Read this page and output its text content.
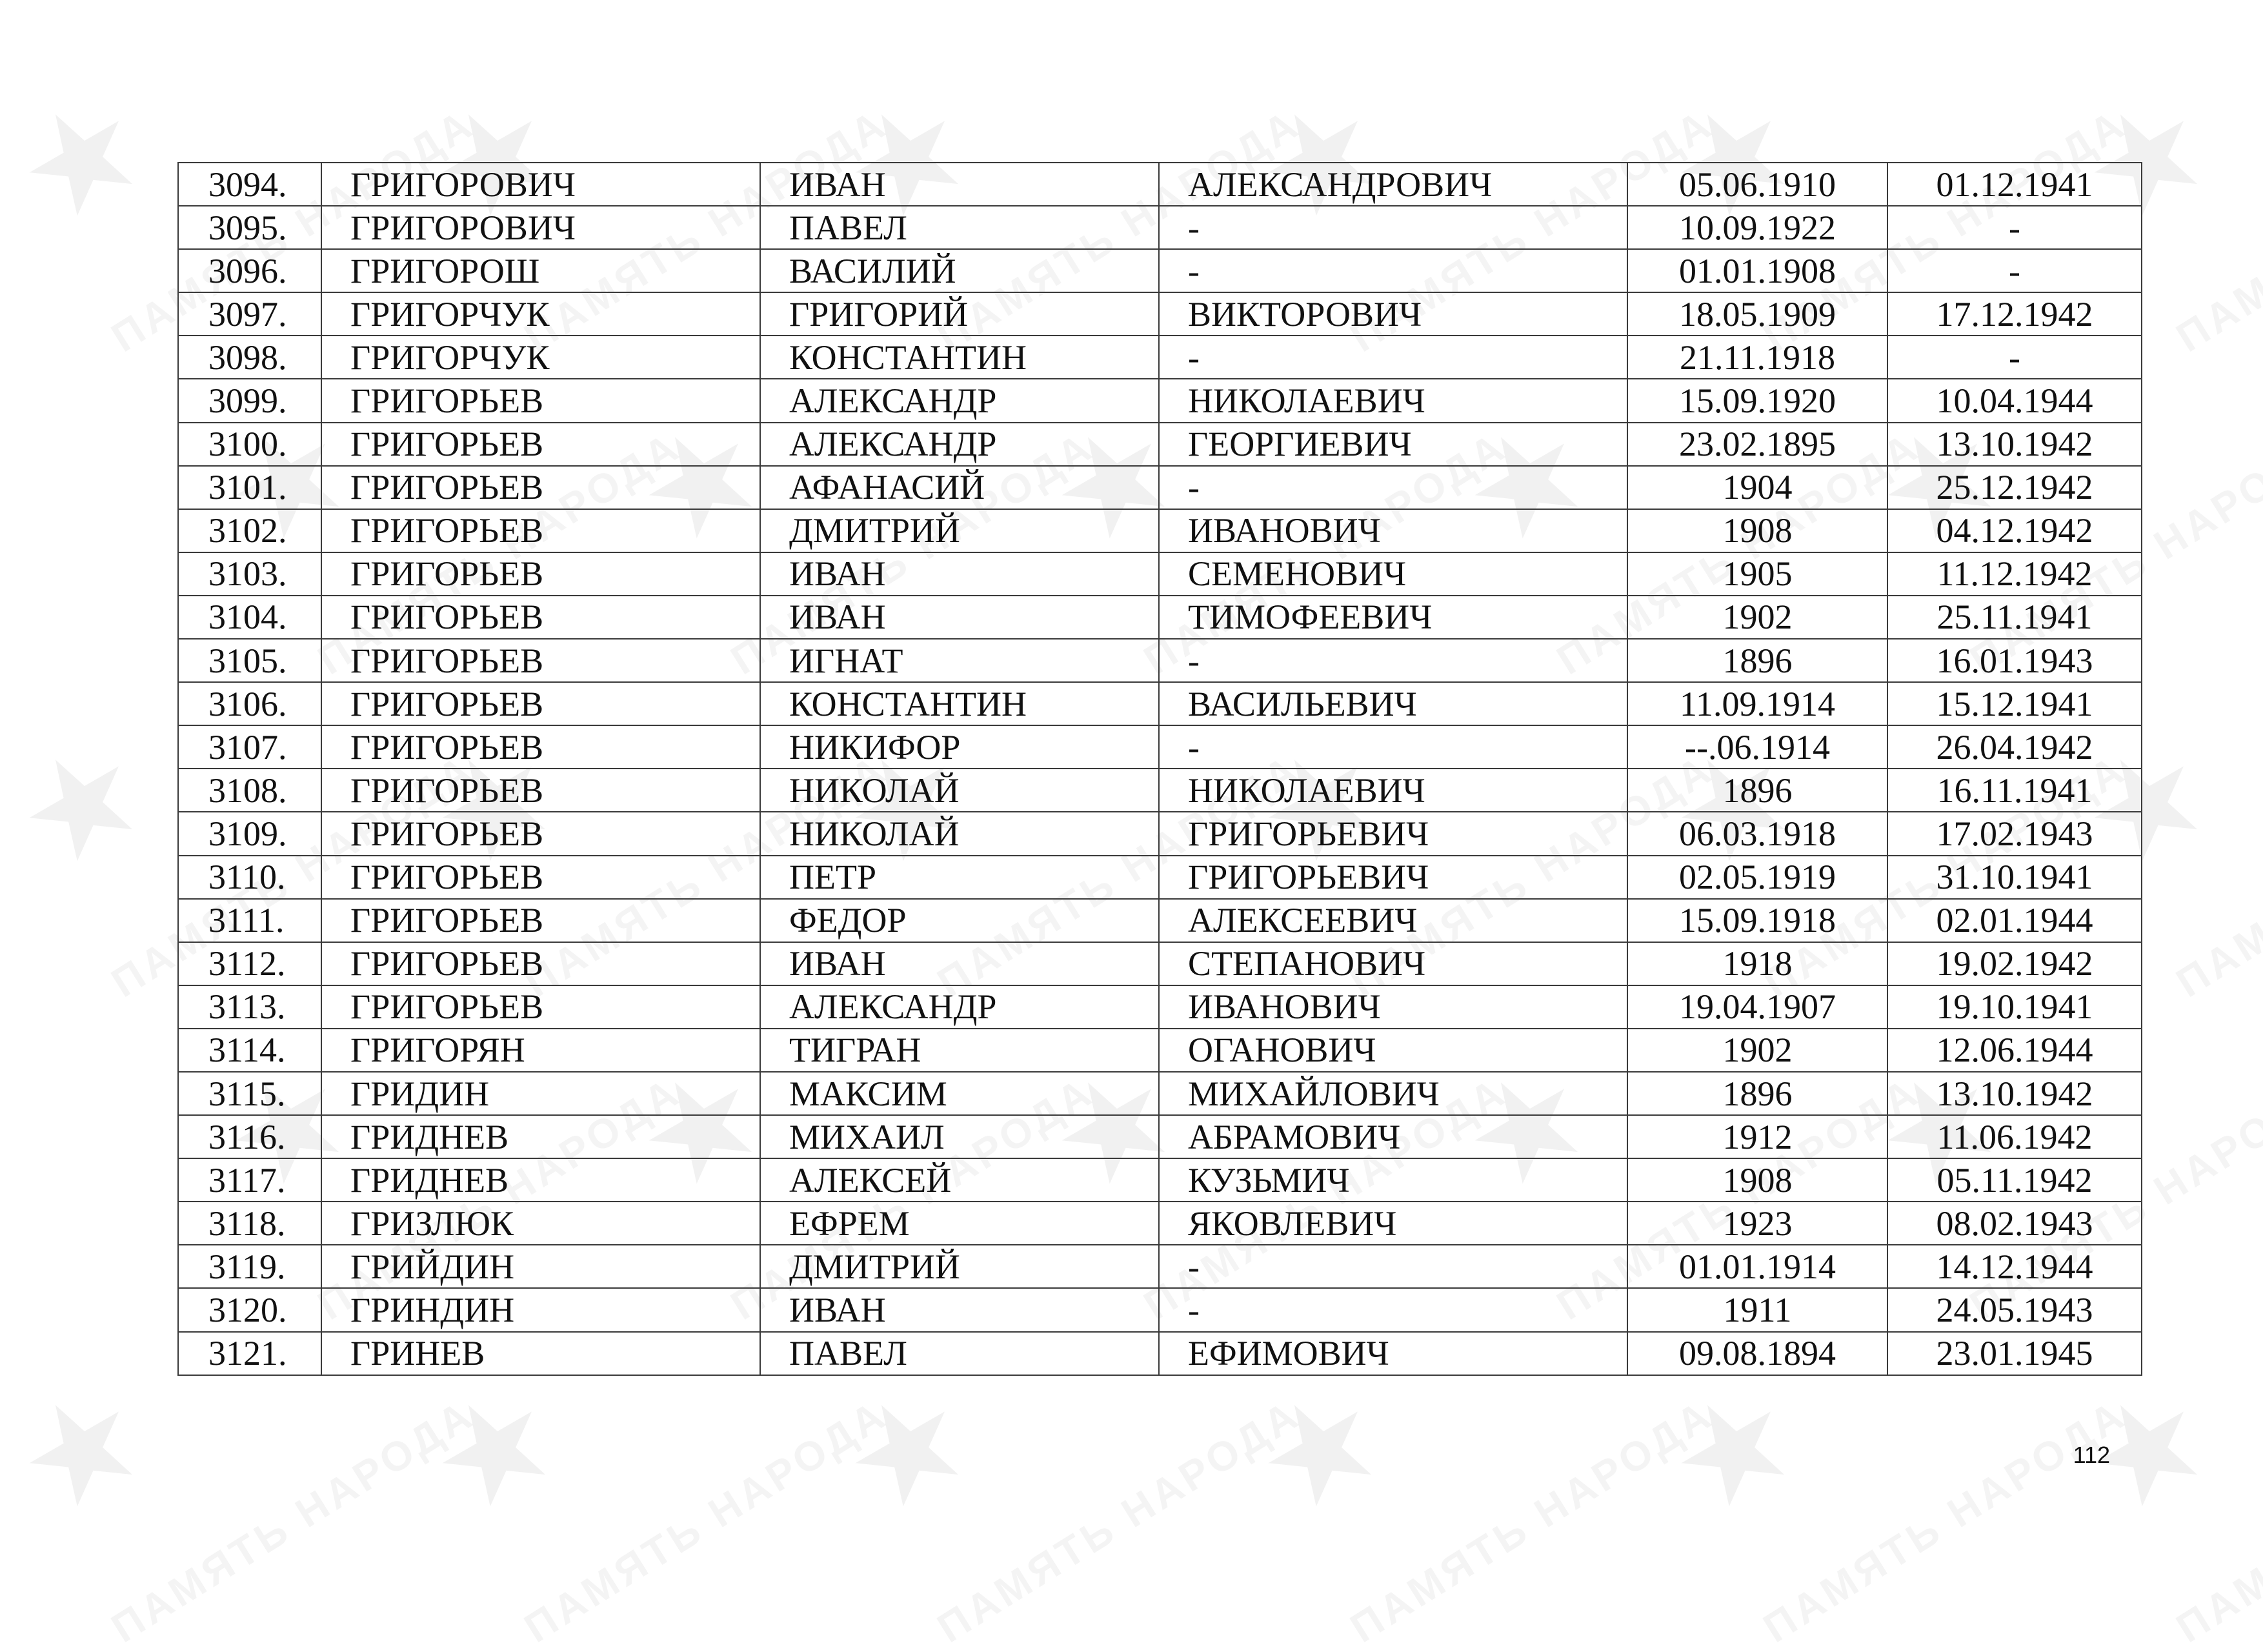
3094.	ГРИГОРОВИЧ	ИВАН	АЛЕКСАНДРОВИЧ	05.06.1910	01.12.1941
3095.	ГРИГОРОВИЧ	ПАВЕЛ	-	10.09.1922	-
3096.	ГРИГОРОШ	ВАСИЛИЙ	-	01.01.1908	-
3097.	ГРИГОРЧУК	ГРИГОРИЙ	ВИКТОРОВИЧ	18.05.1909	17.12.1942
3098.	ГРИГОРЧУК	КОНСТАНТИН	-	21.11.1918	-
3099.	ГРИГОРЬЕВ	АЛЕКСАНДР	НИКОЛАЕВИЧ	15.09.1920	10.04.1944
3100.	ГРИГОРЬЕВ	АЛЕКСАНДР	ГЕОРГИЕВИЧ	23.02.1895	13.10.1942
3101.	ГРИГОРЬЕВ	АФАНАСИЙ	-	1904	25.12.1942
3102.	ГРИГОРЬЕВ	ДМИТРИЙ	ИВАНОВИЧ	1908	04.12.1942
3103.	ГРИГОРЬЕВ	ИВАН	СЕМЕНОВИЧ	1905	11.12.1942
3104.	ГРИГОРЬЕВ	ИВАН	ТИМОФЕЕВИЧ	1902	25.11.1941
3105.	ГРИГОРЬЕВ	ИГНАТ	-	1896	16.01.1943
3106.	ГРИГОРЬЕВ	КОНСТАНТИН	ВАСИЛЬЕВИЧ	11.09.1914	15.12.1941
3107.	ГРИГОРЬЕВ	НИКИФОР	-	--.06.1914	26.04.1942
3108.	ГРИГОРЬЕВ	НИКОЛАЙ	НИКОЛАЕВИЧ	1896	16.11.1941
3109.	ГРИГОРЬЕВ	НИКОЛАЙ	ГРИГОРЬЕВИЧ	06.03.1918	17.02.1943
3110.	ГРИГОРЬЕВ	ПЕТР	ГРИГОРЬЕВИЧ	02.05.1919	31.10.1941
3111.	ГРИГОРЬЕВ	ФЕДОР	АЛЕКСЕЕВИЧ	15.09.1918	02.01.1944
3112.	ГРИГОРЬЕВ	ИВАН	СТЕПАНОВИЧ	1918	19.02.1942
3113.	ГРИГОРЬЕВ	АЛЕКСАНДР	ИВАНОВИЧ	19.04.1907	19.10.1941
3114.	ГРИГОРЯН	ТИГРАН	ОГАНОВИЧ	1902	12.06.1944
3115.	ГРИДИН	МАКСИМ	МИХАЙЛОВИЧ	1896	13.10.1942
3116.	ГРИДНЕВ	МИХАИЛ	АБРАМОВИЧ	1912	11.06.1942
3117.	ГРИДНЕВ	АЛЕКСЕЙ	КУЗЬМИЧ	1908	05.11.1942
3118.	ГРИЗЛЮК	ЕФРЕМ	ЯКОВЛЕВИЧ	1923	08.02.1943
3119.	ГРИЙДИН	ДМИТРИЙ	-	01.01.1914	14.12.1944
3120.	ГРИНДИН	ИВАН	-	1911	24.05.1943
3121.	ГРИНЕВ	ПАВЕЛ	ЕФИМОВИЧ	09.08.1894	23.01.1945
112
